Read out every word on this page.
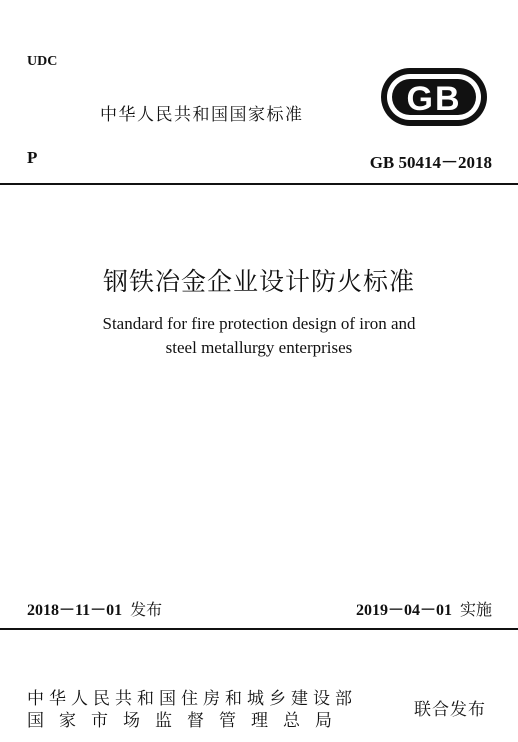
UDC
中华人民共和国国家标准	GB
P	GB 50414－2018
钢铁冶金企业设计防火标准
Standard for fire protection design of iron and
steel metallurgy enterprises
2018－11－01 发布	2019－04－01 实施
中华人民共和国住房和城乡建设部
国家市场监督管理总局
联合发布
